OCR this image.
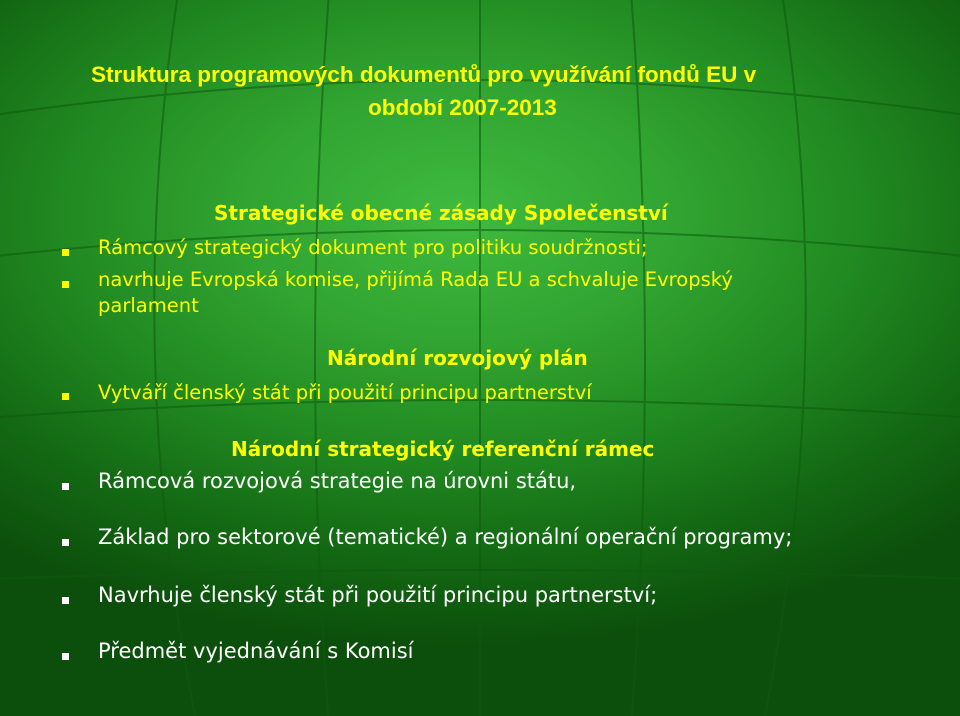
Struktura programových dokumentů pro využívání fondů EU v
období 2007-2013
Strategické obecné zásady Společenství
Rámcový strategický dokument pro politiku soudržnosti;
navrhuje Evropská komise, přijímá Rada EU a schvaluje Evropský
parlament
Národní rozvojový plán
Vytváří členský stát při použití principu partnerství
Národní strategický referenční rámec
Rámcová rozvojová strategie na úrovni státu,
Základ pro sektorové (tematické) a regionální operační programy;
Navrhuje členský stát při použití principu partnerství;
Předmět vyjednávání s Komisí
